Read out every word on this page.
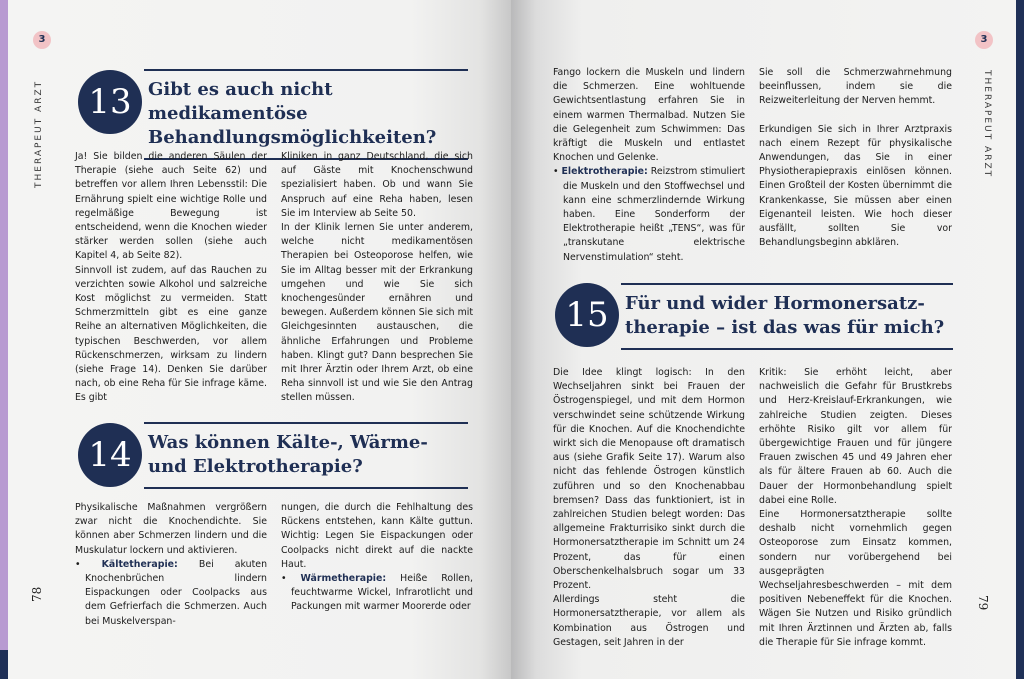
3
THERAPEUT ARZT
78
13 Gibt es auch nicht medikamentöse
Behandlungsmöglichkeiten?

Ja! Sie bilden die anderen Säulen der Therapie (siehe auch Seite 62) und betreffen vor allem Ihren Lebensstil: Die Ernährung spielt eine wichtige Rolle und regelmäßige Bewegung ist entscheidend, wenn die Knochen wieder stärker werden sollen (siehe auch Kapitel 4, ab Seite 82).

Sinnvoll ist zudem, auf das Rauchen zu verzichten sowie Alkohol und salzreiche Kost möglichst zu vermeiden. Statt Schmerzmitteln gibt es eine ganze Reihe an alternativen Möglichkeiten, die typischen Beschwerden, vor allem Rückenschmerzen, wirksam zu lindern (siehe Frage 14). Denken Sie darüber nach, ob eine Reha für Sie infrage käme. Es gibt

Kliniken in ganz Deutschland, die sich auf Gäste mit Knochenschwund spezialisiert haben. Ob und wann Sie Anspruch auf eine Reha haben, lesen Sie im Interview ab Seite 50.

In der Klinik lernen Sie unter anderem, welche nicht medikamentösen Therapien bei Osteoporose helfen, wie Sie im Alltag besser mit der Erkrankung umgehen und wie Sie sich knochengesünder ernähren und bewegen. Außerdem können Sie sich mit Gleichgesinnten austauschen, die ähnliche Erfahrungen und Probleme haben. Klingt gut? Dann besprechen Sie mit Ihrer Ärztin oder Ihrem Arzt, ob eine Reha sinnvoll ist und wie Sie den Antrag stellen müssen.

14 Was können Kälte-, Wärme-
und Elektrotherapie?

Physikalische Maßnahmen vergrößern zwar nicht die Knochendichte. Sie können aber Schmerzen lindern und die Muskulatur lockern und aktivieren.

• Kältetherapie: Bei akuten Knochenbrüchen lindern Eispackungen oder Coolpacks aus dem Gefrierfach die Schmerzen. Auch bei Muskelverspan-

nungen, die durch die Fehlhaltung des Rückens entstehen, kann Kälte guttun. Wichtig: Legen Sie Eispackungen oder Coolpacks nicht direkt auf die nackte Haut.

• Wärmetherapie: Heiße Rollen, feuchtwarme Wickel, Infrarotlicht und Packungen mit warmer Moorerde oder

3
THERAPEUT ARZT
79

Fango lockern die Muskeln und lindern die Schmerzen. Eine wohltuende Gewichtsentlastung erfahren Sie in einem warmen Thermalbad. Nutzen Sie die Gelegenheit zum Schwimmen: Das kräftigt die Muskeln und entlastet Knochen und Gelenke.

• Elektrotherapie: Reizstrom stimuliert die Muskeln und den Stoffwechsel und kann eine schmerzlindernde Wirkung haben. Eine Sonderform der Elektrotherapie heißt „TENS“, was für „transkutane elektrische Nervenstimulation“ steht.

Sie soll die Schmerzwahrnehmung beeinflussen, indem sie die Reizweiterleitung der Nerven hemmt.

Erkundigen Sie sich in Ihrer Arztpraxis nach einem Rezept für physikalische Anwendungen, das Sie in einer Physiotherapiepraxis einlösen können. Einen Großteil der Kosten übernimmt die Krankenkasse, Sie müssen aber einen Eigenanteil leisten. Wie hoch dieser ausfällt, sollten Sie vor Behandlungsbeginn abklären.

15 Für und wider Hormonersatz-
therapie – ist das was für mich?

Die Idee klingt logisch: In den Wechseljahren sinkt bei Frauen der Östrogenspiegel, und mit dem Hormon verschwindet seine schützende Wirkung für die Knochen. Auf die Knochendichte wirkt sich die Menopause oft dramatisch aus (siehe Grafik Seite 17). Warum also nicht das fehlende Östrogen künstlich zuführen und so den Knochenabbau bremsen? Dass das funktioniert, ist in zahlreichen Studien belegt worden: Das allgemeine Frakturrisiko sinkt durch die Hormonersatztherapie im Schnitt um 24 Prozent, das für einen Oberschenkelhalsbruch sogar um 33 Prozent.

Allerdings steht die Hormonersatztherapie, vor allem als Kombination aus Östrogen und Gestagen, seit Jahren in der

Kritik: Sie erhöht leicht, aber nachweislich die Gefahr für Brustkrebs und Herz-Kreislauf-Erkrankungen, wie zahlreiche Studien zeigten. Dieses erhöhte Risiko gilt vor allem für übergewichtige Frauen und für jüngere Frauen zwischen 45 und 49 Jahren eher als für ältere Frauen ab 60. Auch die Dauer der Hormonbehandlung spielt dabei eine Rolle.

Eine Hormonersatztherapie sollte deshalb nicht vornehmlich gegen Osteoporose zum Einsatz kommen, sondern nur vorübergehend bei ausgeprägten Wechseljahresbeschwerden – mit dem positiven Nebeneffekt für die Knochen. Wägen Sie Nutzen und Risiko gründlich mit Ihren Ärztinnen und Ärzten ab, falls die Therapie für Sie infrage kommt.
